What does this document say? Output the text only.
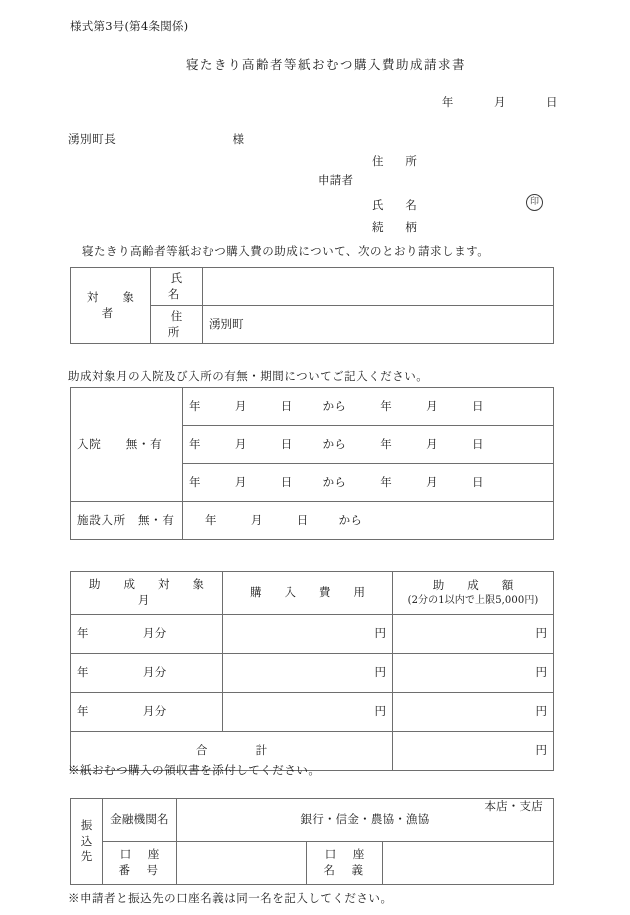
様式第3号(第4条関係)
寝たきり高齢者等紙おむつ購入費助成請求書
年	月	日
湧別町長	様
住　所
氏　名
続　柄
申請者
印
寝たきり高齢者等紙おむつ購入費の助成について、次のとおり請求します。
対　象　者	氏　名	
	住　所	湧別町
助成対象月の入院及び入所の有無・期間についてご記入ください。
入院　　無・有	年 月 日 から 年 月 日
	年 月 日 から 年 月 日
	年 月 日 から 年 月 日
施設入所　無・有	年 月 日 から
助　成　対　象　月	購　入　費　用	助　成　額
(2分の1以内で上限5,000円)

年 月分	円	円
年 月分	円	円
年 月分	円	円
合　計		円
※紙おむつ購入の領収書を添付してください。
振
込
先	金融機関名	銀行・信金・農協・漁協
本店・支店		

	口　座　番　号		口　座　名　義	
※申請者と振込先の口座名義は同一名を記入してください。
